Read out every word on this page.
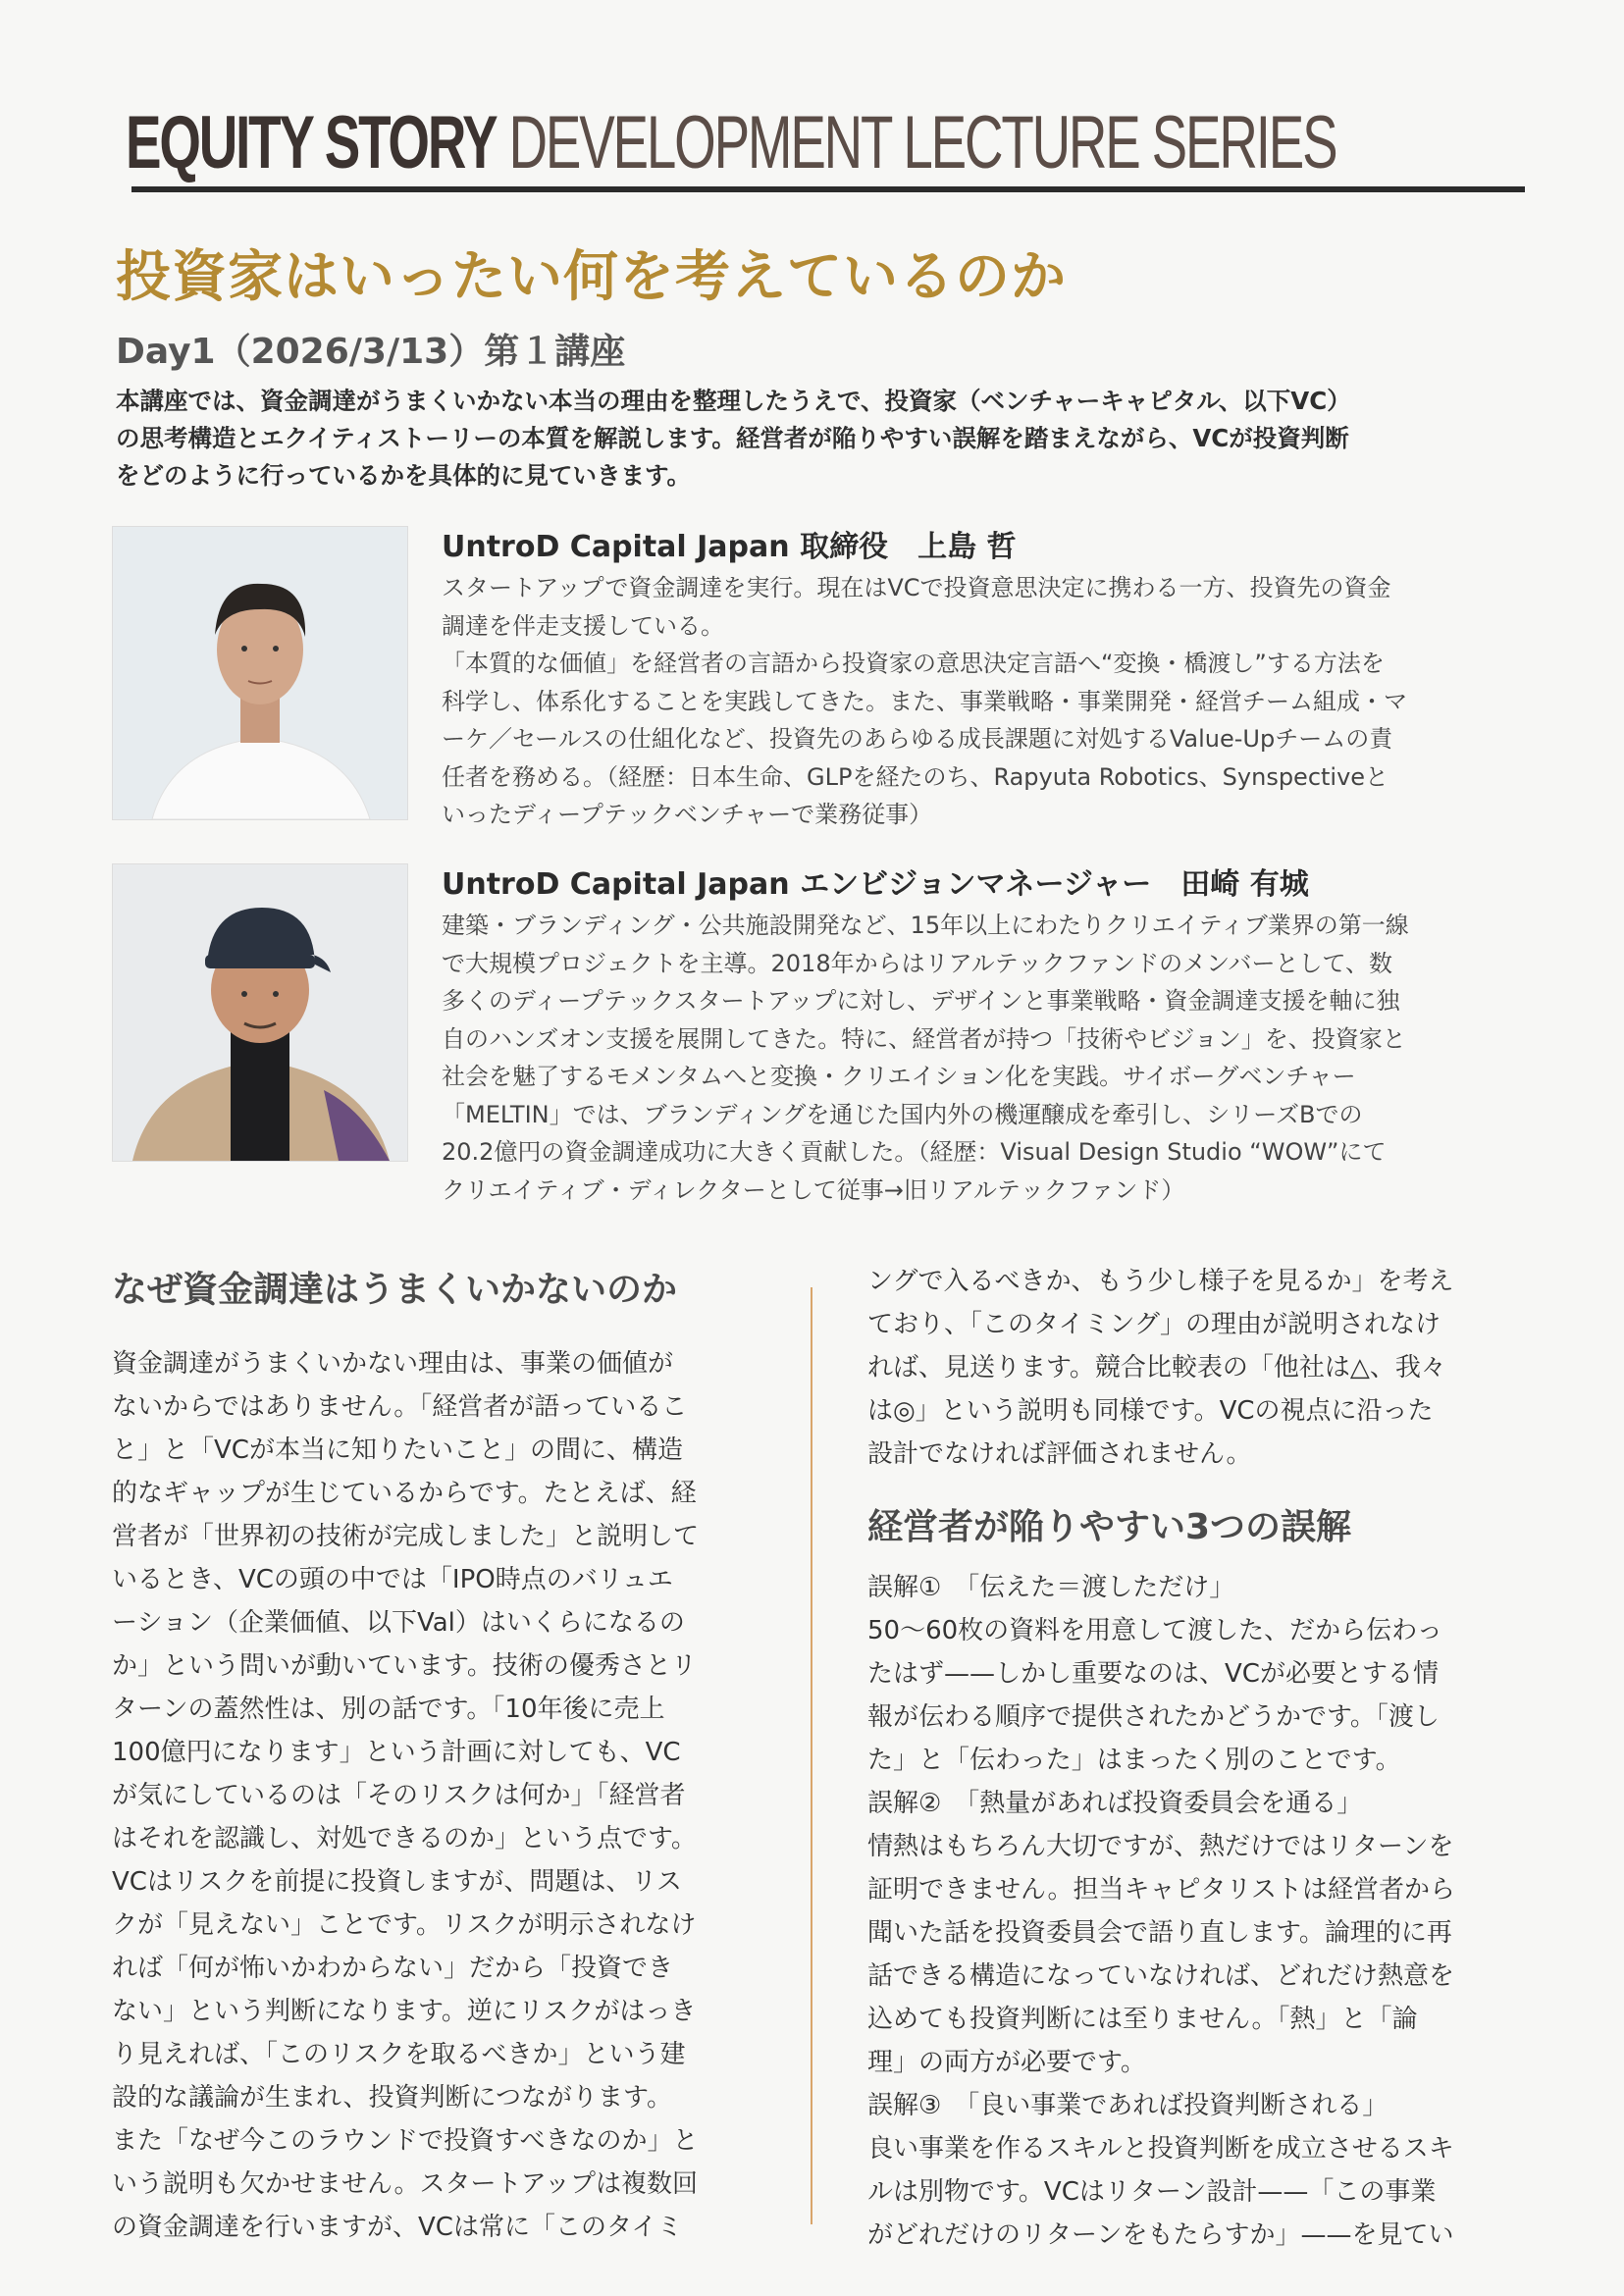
EQUITY STORY DEVELOPMENT LECTURE SERIES
投資家はいったい何を考えているのか
Day1（2026/3/13）第１講座
本講座では、資金調達がうまくいかない本当の理由を整理したうえで、投資家（ベンチャーキャピタル、以下VC）
の思考構造とエクイティストーリーの本質を解説します。経営者が陥りやすい誤解を踏まえながら、VCが投資判断
をどのように行っているかを具体的に見ていきます。
UntroD Capital Japan 取締役　上島 哲
スタートアップで資金調達を実行。現在はVCで投資意思決定に携わる一方、投資先の資金
調達を伴走支援している。
「本質的な価値」を経営者の言語から投資家の意思決定言語へ“変換・橋渡し”する方法を
科学し、体系化することを実践してきた。また、事業戦略・事業開発・経営チーム組成・マ
ーケ／セールスの仕組化など、投資先のあらゆる成長課題に対処するValue-Upチームの責
任者を務める。（経歴：日本生命、GLPを経たのち、Rapyuta Robotics、Synspectiveと
いったディープテックベンチャーで業務従事）
UntroD Capital Japan エンビジョンマネージャー　田崎 有城
建築・ブランディング・公共施設開発など、15年以上にわたりクリエイティブ業界の第一線
で大規模プロジェクトを主導。2018年からはリアルテックファンドのメンバーとして、数
多くのディープテックスタートアップに対し、デザインと事業戦略・資金調達支援を軸に独
自のハンズオン支援を展開してきた。特に、経営者が持つ「技術やビジョン」を、投資家と
社会を魅了するモメンタムへと変換・クリエイション化を実践。サイボーグベンチャー
「MELTIN」では、ブランディングを通じた国内外の機運醸成を牽引し、シリーズBでの
20.2億円の資金調達成功に大きく貢献した。（経歴：Visual Design Studio “WOW”にて
クリエイティブ・ディレクターとして従事→旧リアルテックファンド）
なぜ資金調達はうまくいかないのか
資金調達がうまくいかない理由は、事業の価値が
ないからではありません。「経営者が語っているこ
と」と「VCが本当に知りたいこと」の間に、構造
的なギャップが生じているからです。たとえば、経
営者が「世界初の技術が完成しました」と説明して
いるとき、VCの頭の中では「IPO時点のバリュエ
ーション（企業価値、以下Val）はいくらになるの
か」という問いが動いています。技術の優秀さとリ
ターンの蓋然性は、別の話です。「10年後に売上
100億円になります」という計画に対しても、VC
が気にしているのは「そのリスクは何か」「経営者
はそれを認識し、対処できるのか」という点です。
VCはリスクを前提に投資しますが、問題は、リス
クが「見えない」ことです。リスクが明示されなけ
れば「何が怖いかわからない」だから「投資でき
ない」という判断になります。逆にリスクがはっき
り見えれば、「このリスクを取るべきか」という建
設的な議論が生まれ、投資判断につながります。
また「なぜ今このラウンドで投資すべきなのか」と
いう説明も欠かせません。スタートアップは複数回
の資金調達を行いますが、VCは常に「このタイミ
ングで入るべきか、もう少し様子を見るか」を考え
ており、「このタイミング」の理由が説明されなけ
れば、見送ります。競合比較表の「他社は△、我々
は◎」という説明も同様です。VCの視点に沿った
設計でなければ評価されません。
経営者が陥りやすい3つの誤解
誤解①　「伝えた＝渡しただけ」
50～60枚の資料を用意して渡した、だから伝わっ
たはず——しかし重要なのは、VCが必要とする情
報が伝わる順序で提供されたかどうかです。「渡し
た」と「伝わった」はまったく別のことです。
誤解②　「熱量があれば投資委員会を通る」
情熱はもちろん大切ですが、熱だけではリターンを
証明できません。担当キャピタリストは経営者から
聞いた話を投資委員会で語り直します。論理的に再
話できる構造になっていなければ、どれだけ熱意を
込めても投資判断には至りません。「熱」と「論
理」の両方が必要です。
誤解③　「良い事業であれば投資判断される」
良い事業を作るスキルと投資判断を成立させるスキ
ルは別物です。VCはリターン設計——「この事業
がどれだけのリターンをもたらすか」——を見てい
